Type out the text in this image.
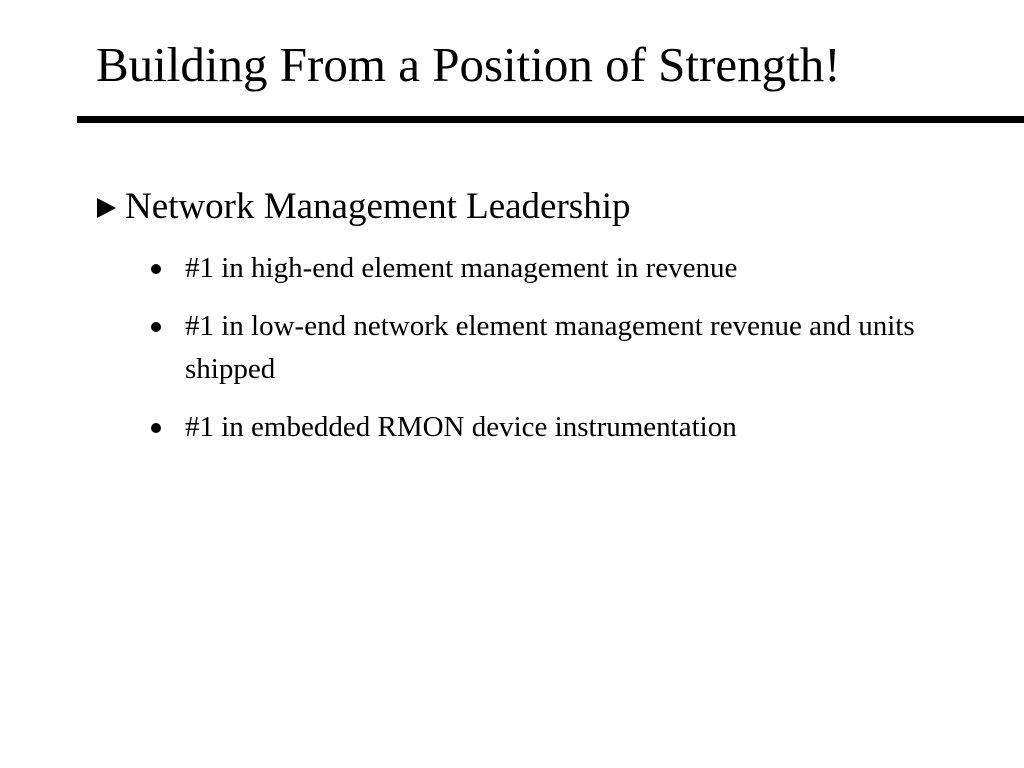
Building From a Position of Strength!
Network Management Leadership
#1 in high-end element management in revenue
#1 in low-end network element management revenue and units shipped
#1 in embedded RMON device instrumentation
